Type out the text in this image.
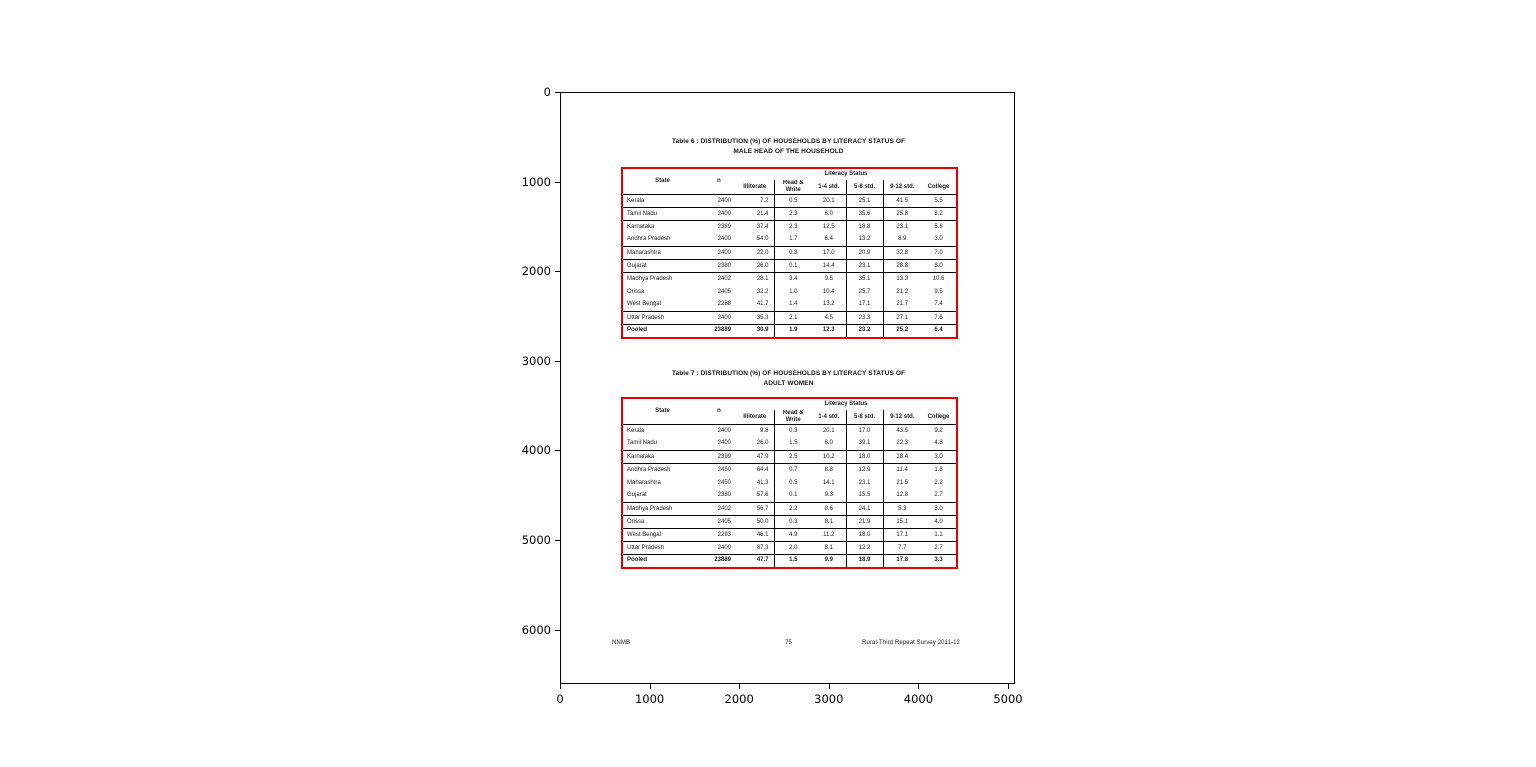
0
1000
2000
3000
4000
5000
6000
0	1000	2000	3000	4000	5000
Table 6 : DISTRIBUTION (%) OF HOUSEHOLDS BY LITERACY STATUS OF
MALE HEAD OF THE HOUSEHOLD
Table 7 : DISTRIBUTION (%) OF HOUSEHOLDS BY LITERACY STATUS OF
ADULT WOMEN
State	n	Literacy Status					
		Illiterate	Read & Write	1-4 std.	5-8 std.	9-12 std.	College
Kerala	2400	7.2	0.5	20.1	25.1	41.5	5.5
Tamil Nadu	2400	21.4	2.3	6.0	35.6	25.8	8.2
Karnataka	2389	37.4	2.3	12.5	18.8	23.1	5.8
Andhra Pradesh	2400	54.0	1.7	6.4	13.2	8.9	3.0
Maharashtra	2400	22.0	0.8	17.0	20.9	32.8	7.0
Gujarat	2380	26.0	0.1	14.4	23.1	28.8	8.0
Madhya Pradesh	2402	28.1	3.4	9.5	35.1	13.3	10.6
Orissa	2405	32.2	1.0	10.4	25.7	21.2	9.5
West Bengal	2288	41.7	1.4	13.2	17.1	21.7	7.4
Uttar Pradesh	2400	35.3	2.1	4.5	23.3	27.1	7.6
Pooled	23889	30.9	1.9	12.3	23.2	25.2	6.4
State	n	Literacy Status					
		Illiterate	Read & Write	1-4 std.	5-8 std.	9-12 std.	College
Kerala	2400	9.8	0.3	20.1	17.0	43.5	9.2
Tamil Nadu	2400	26.0	1.5	6.0	39.1	22.3	4.8
Karnataka	2399	47.9	2.5	10.2	18.0	18.4	3.0
Andhra Pradesh	2450	64.4	0.7	8.8	12.9	11.4	1.8
Maharashtra	2450	41.3	0.5	14.1	23.1	21.5	2.2
Gujarat	2380	57.6	0.1	9.3	15.5	12.8	2.7
Madhya Pradesh	2402	56.7	2.2	8.6	24.1	5.3	3.0
Orissa	2405	50.0	0.3	8.1	21.9	15.1	4.0
West Bengal	2293	46.1	4.9	11.2	18.0	17.1	1.1
Uttar Pradesh	2400	67.3	2.0	8.1	12.2	7.7	2.7
Pooled	23889	47.7	1.5	9.9	18.9	17.8	3.3
NNMB	75	Rural-Third Repeat Survey 2011-12
